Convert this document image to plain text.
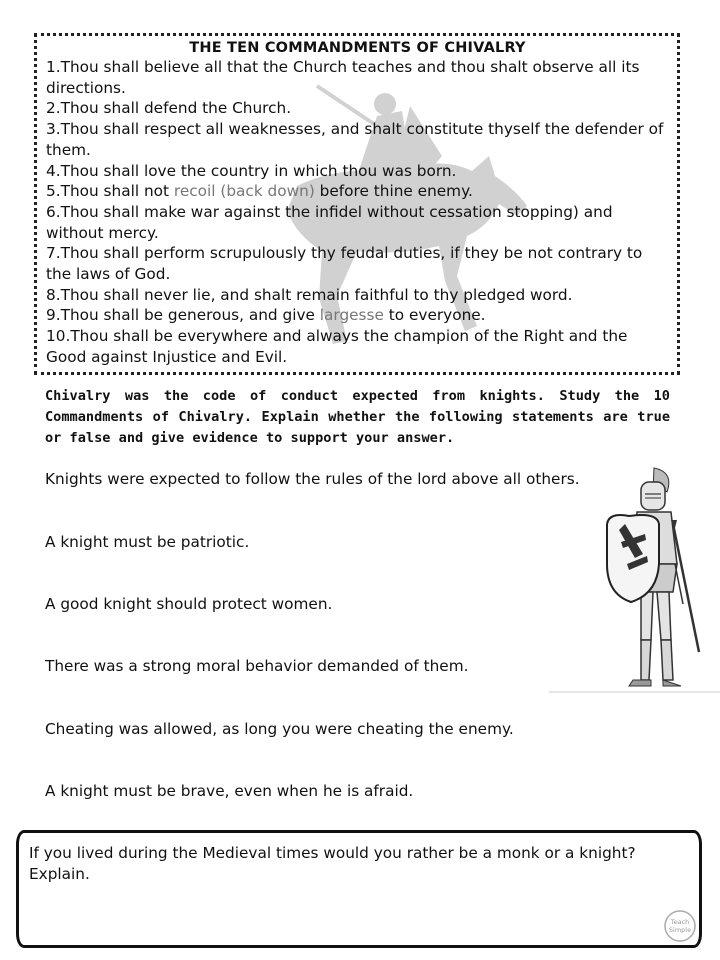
THE TEN COMMANDMENTS OF CHIVALRY
1.Thou shall believe all that the Church teaches and thou shalt observe all its directions.
2.Thou shall defend the Church.
3.Thou shall respect all weaknesses, and shalt constitute thyself the defender of them.
4.Thou shall love the country in which thou was born.
5.Thou shall not recoil (back down) before thine enemy.
6.Thou shall make war against the infidel without cessation stopping) and without mercy.
7.Thou shall perform scrupulously thy feudal duties, if they be not contrary to the laws of God.
8.Thou shall never lie, and shalt remain faithful to thy pledged word.
9.Thou shall be generous, and give largesse to everyone.
10.Thou shall be everywhere and always the champion of the Right and the Good against Injustice and Evil.
Chivalry was the code of conduct expected from knights. Study the 10 Commandments of Chivalry. Explain whether the following statements are true or false and give evidence to support your answer.
Knights were expected to follow the rules of the lord above all others.
A knight must be patriotic.
A good knight should protect women.
There was a strong moral behavior demanded of them.
Cheating was allowed, as long you were cheating the enemy.
A knight must be brave, even when he is afraid.
If you lived during the Medieval times would you rather be a monk or a knight? Explain.
Teach
Simple
